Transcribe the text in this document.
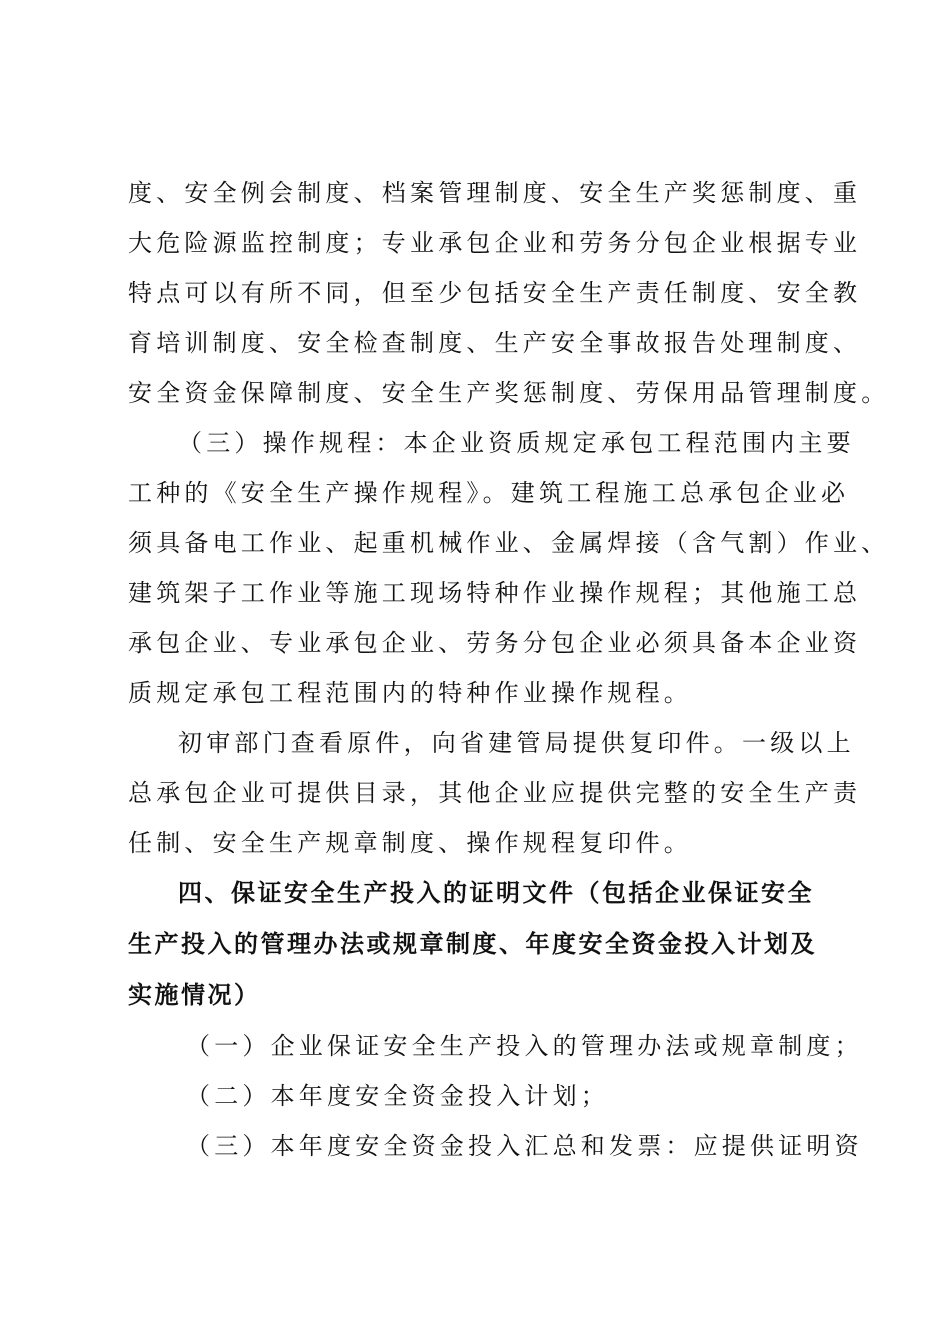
度、安全例会制度、档案管理制度、安全生产奖惩制度、重
大危险源监控制度；专业承包企业和劳务分包企业根据专业
特点可以有所不同，但至少包括安全生产责任制度、安全教
育培训制度、安全检查制度、生产安全事故报告处理制度、
安全资金保障制度、安全生产奖惩制度、劳保用品管理制度。
（三）操作规程：本企业资质规定承包工程范围内主要
工种的《安全生产操作规程》。建筑工程施工总承包企业必
须具备电工作业、起重机械作业、金属焊接（含气割）作业、
建筑架子工作业等施工现场特种作业操作规程；其他施工总
承包企业、专业承包企业、劳务分包企业必须具备本企业资
质规定承包工程范围内的特种作业操作规程。
初审部门查看原件，向省建管局提供复印件。一级以上
总承包企业可提供目录，其他企业应提供完整的安全生产责
任制、安全生产规章制度、操作规程复印件。
四、保证安全生产投入的证明文件（包括企业保证安全
生产投入的管理办法或规章制度、年度安全资金投入计划及
实施情况）
（一）企业保证安全生产投入的管理办法或规章制度；
（二）本年度安全资金投入计划；
（三）本年度安全资金投入汇总和发票：应提供证明资
